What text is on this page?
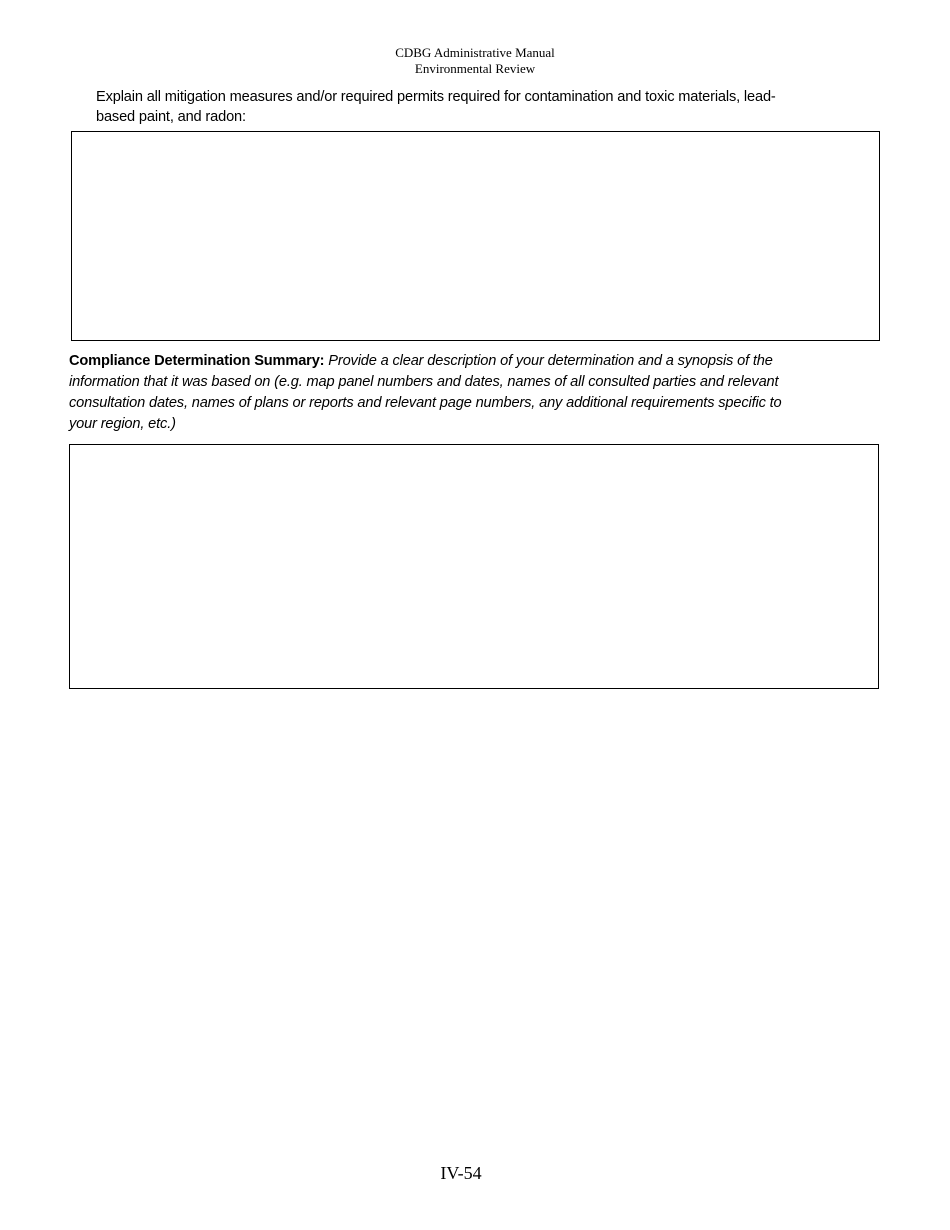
CDBG Administrative Manual
Environmental Review
Explain all mitigation measures and/or required permits required for contamination and toxic materials, lead-
based paint, and radon:
Compliance Determination Summary: Provide a clear description of your determination and a synopsis of the
information that it was based on (e.g. map panel numbers and dates, names of all consulted parties and relevant
consultation dates, names of plans or reports and relevant page numbers, any additional requirements specific to
your region, etc.)
IV-54
